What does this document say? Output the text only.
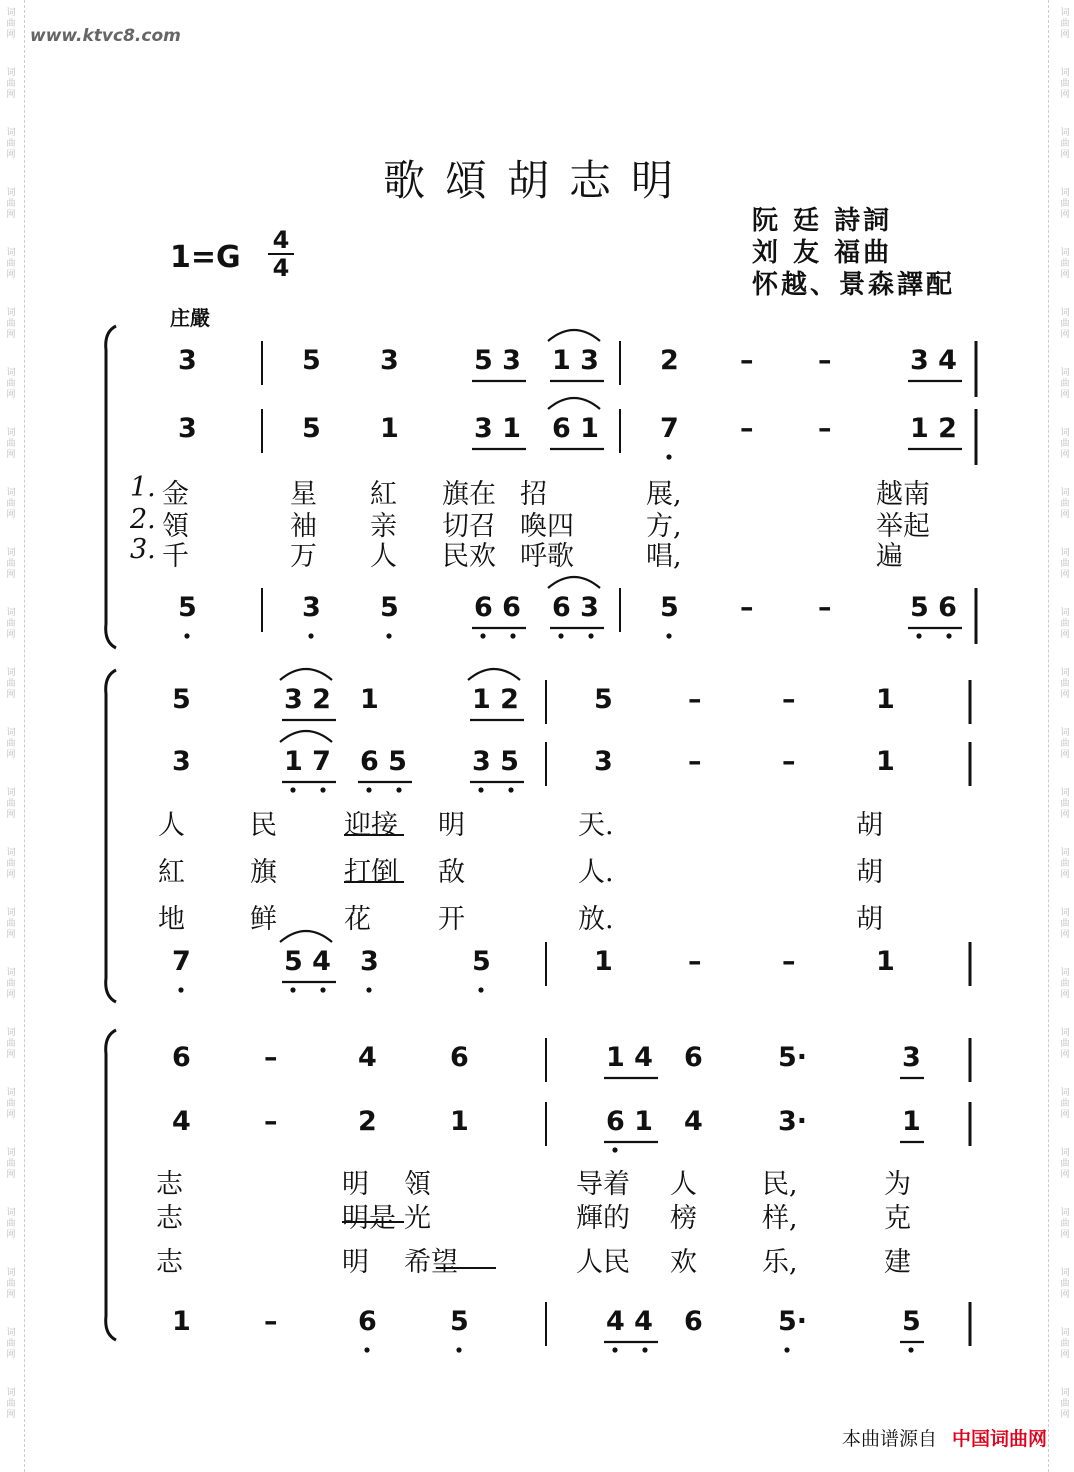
词
曲
网
词
曲
网
词
曲
网
词
曲
网
词
曲
网
词
曲
网
词
曲
网
词
曲
网
词
曲
网
词
曲
网
词
曲
网
词
曲
网
词
曲
网
词
曲
网
词
曲
网
词
曲
网
词
曲
网
词
曲
网
词
曲
网
词
曲
网
词
曲
网
词
曲
网
词
曲
网
词
曲
网
词
曲
网
词
曲
网
词
曲
网
词
曲
网
词
曲
网
词
曲
网
词
曲
网
词
曲
网
词
曲
网
词
曲
网
词
曲
网
词
曲
网
词
曲
网
词
曲
网
词
曲
网
词
曲
网
词
曲
网
词
曲
网
词
曲
网
词
曲
网
词
曲
网
词
曲
网
词
曲
网
词
曲
网
www.ktvc8.com
歌頌胡志明
阮 廷 詩詞
刘 友 福曲
怀越、景森譯配
1=G 4
4
庄嚴
3	5 3	5 3 1 3 2 – –	3 4
3	5 1	3 1 6 1 7 – –	1 2
5	3 5	6 6 6 3 5 – –	5 6
1. 金	星 紅 旗在 招	展,	越南
2. 領	袖 亲 切召 喚四	方,	举起
3. 千	万 人 民欢 呼歌	唱,	遍
5	3 2 1	1 2	5	–	–	1
3	1 7 6 5 3 5	3	–	–	1
7	5 4 3	5	1	–	–	1
人 民 迎接 明	天.	胡
紅 旗 打倒 敌	人.	胡
地 鲜 花 开	放.	胡
6	–	4	6	1 4 6	5·	3
4	–	2	1	6 1 4	3·	1
1	–	6	5	4 4 6	5·	5
志	明 領	导着 人 民,	为
志	明是 光	輝的 榜 样,	克
志	明 希望	人民 欢 乐,	建
本曲谱源自 中国词曲网
